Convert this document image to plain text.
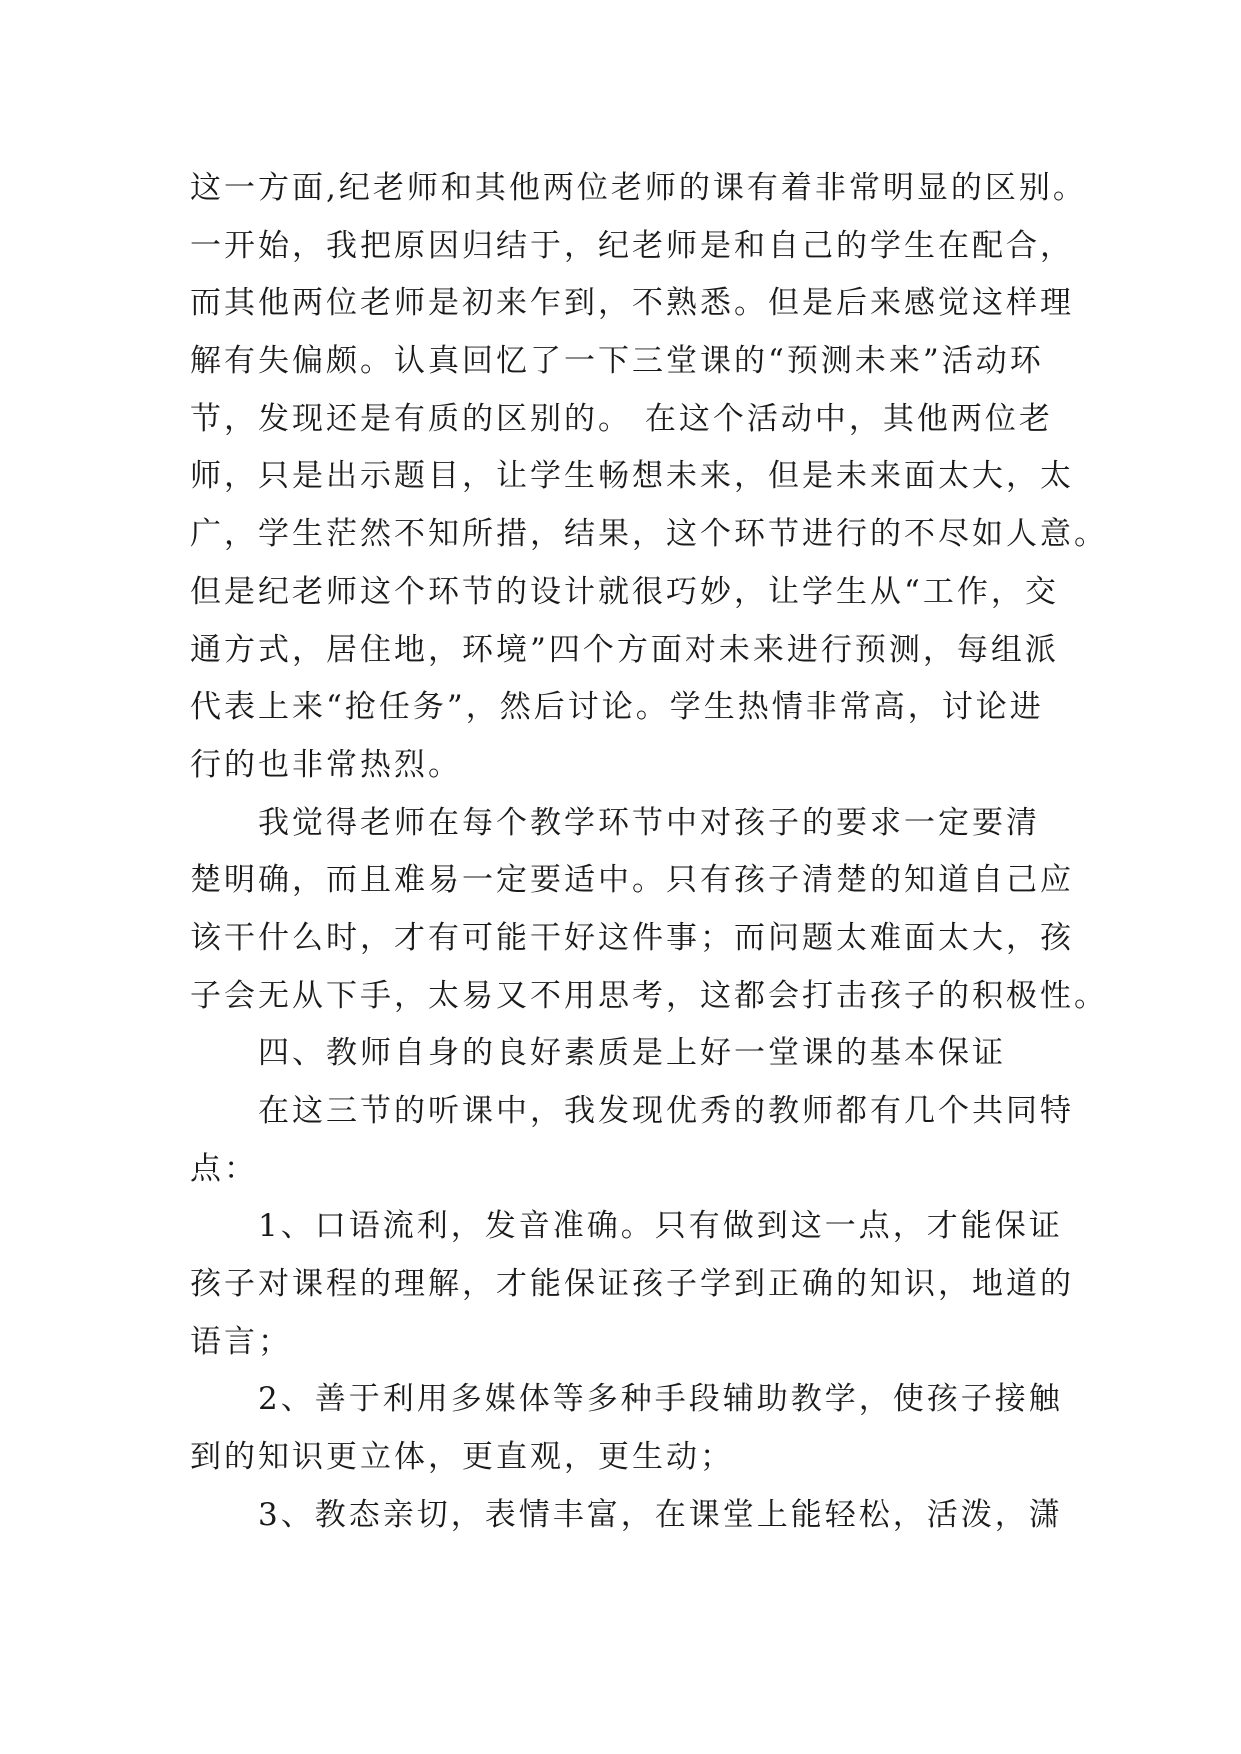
这一方面,纪老师和其他两位老师的课有着非常明显的区别。
一开始，我把原因归结于，纪老师是和自己的学生在配合，
而其他两位老师是初来乍到，不熟悉。但是后来感觉这样理
解有失偏颇。认真回忆了一下三堂课的“预测未来”活动环
节，发现还是有质的区别的。 在这个活动中，其他两位老
师，只是出示题目，让学生畅想未来，但是未来面太大，太
广，学生茫然不知所措，结果，这个环节进行的不尽如人意。
但是纪老师这个环节的设计就很巧妙，让学生从“工作，交
通方式，居住地，环境”四个方面对未来进行预测，每组派
代表上来“抢任务”，然后讨论。学生热情非常高，讨论进
行的也非常热烈。
我觉得老师在每个教学环节中对孩子的要求一定要清
楚明确，而且难易一定要适中。只有孩子清楚的知道自己应
该干什么时，才有可能干好这件事；而问题太难面太大，孩
子会无从下手，太易又不用思考，这都会打击孩子的积极性。
四、教师自身的良好素质是上好一堂课的基本保证
在这三节的听课中，我发现优秀的教师都有几个共同特
点：
1、口语流利，发音准确。只有做到这一点，才能保证
孩子对课程的理解，才能保证孩子学到正确的知识，地道的
语言；
2、善于利用多媒体等多种手段辅助教学，使孩子接触
到的知识更立体，更直观，更生动；
3、教态亲切，表情丰富，在课堂上能轻松，活泼，潇
